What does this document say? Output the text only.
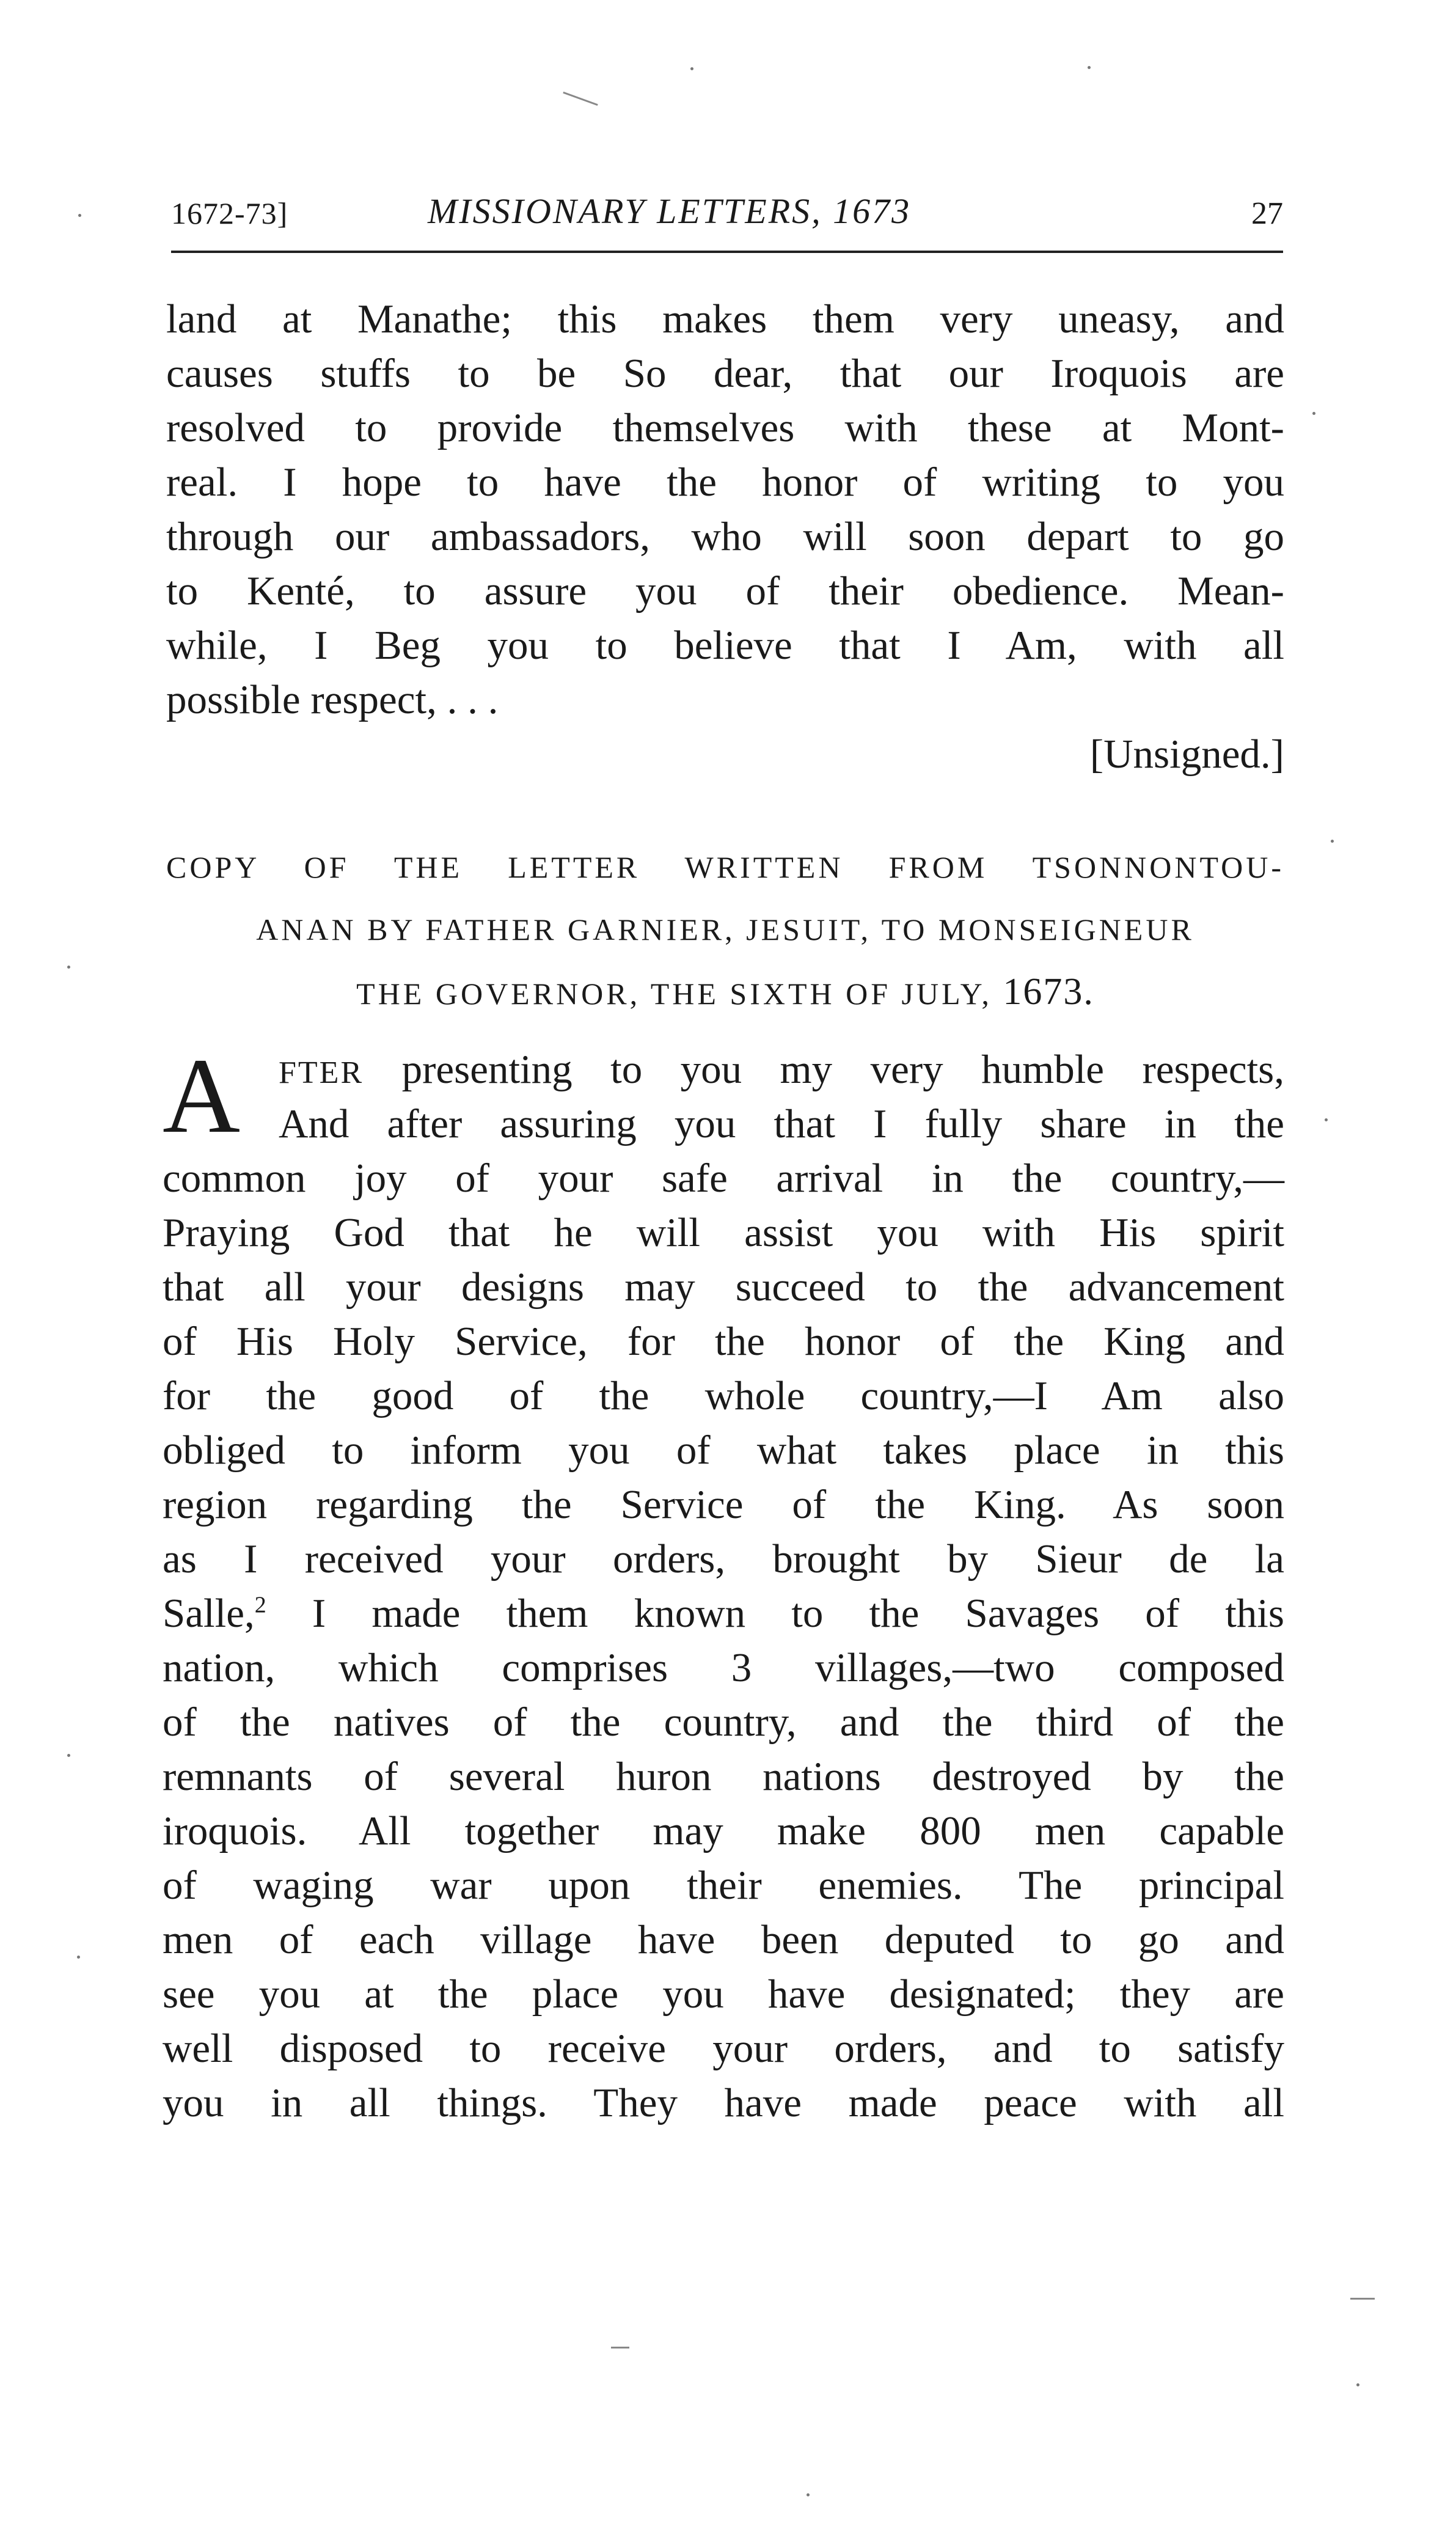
1672-73]	MISSIONARY LETTERS, 1673	27
land at Manathe; this makes them very uneasy, and
causes stuffs to be So dear, that our Iroquois are
resolved to provide themselves with these at Mont-
real. I hope to have the honor of writing to you
through our ambassadors, who will soon depart to go
to Kenté, to assure you of their obedience. Mean-
while, I Beg you to believe that I Am, with all
possible respect, . . .
[Unsigned.]
COPY OF THE LETTER WRITTEN FROM TSONNONTOU-
ANAN BY FATHER GARNIER, JESUIT, TO MONSEIGNEUR
THE GOVERNOR, THE SIXTH OF JULY, 1673.
A	FTER presenting to you my very humble respects,
And after assuring you that I fully share in the
common joy of your safe arrival in the country,—
Praying God that he will assist you with His spirit
that all your designs may succeed to the advancement
of His Holy Service, for the honor of the King and
for the good of the whole country,—I Am also
obliged to inform you of what takes place in this
region regarding the Service of the King. As soon
as I received your orders, brought by Sieur de la
Salle,$^2$ I made them known to the Savages of this
nation, which comprises 3 villages,—two composed
of the natives of the country, and the third of the
remnants of several huron nations destroyed by the
iroquois. All together may make 800 men capable
of waging war upon their enemies. The principal
men of each village have been deputed to go and
see you at the place you have designated; they are
well disposed to receive your orders, and to satisfy
you in all things. They have made peace with all
